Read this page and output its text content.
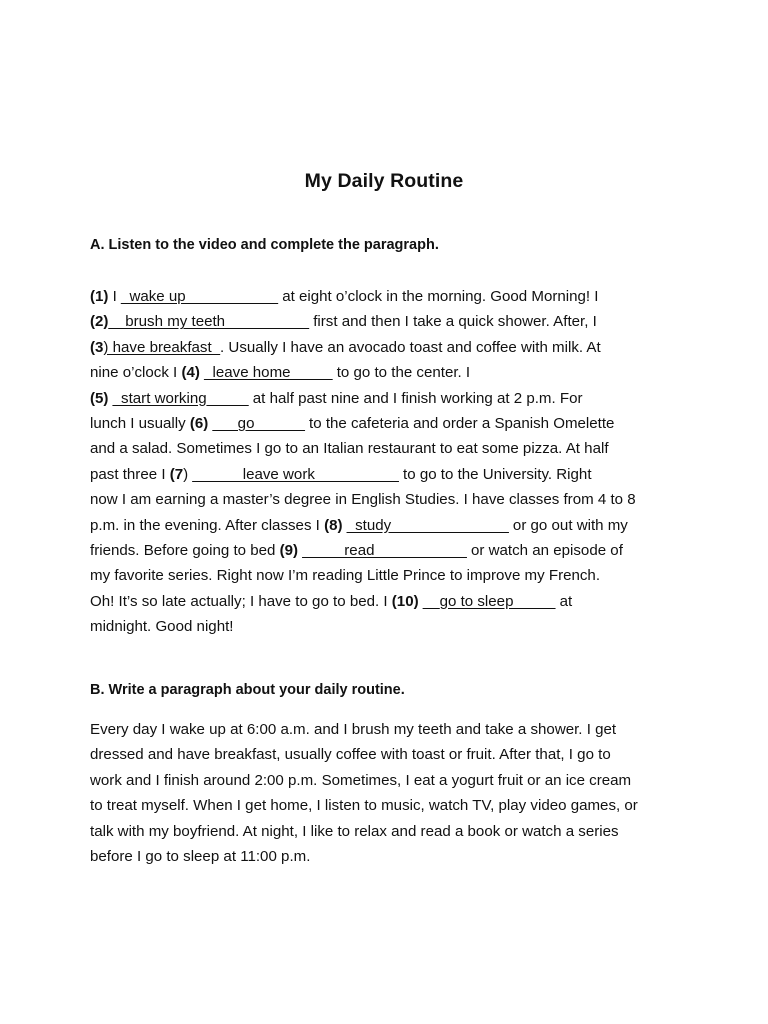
My Daily Routine
A. Listen to the video and complete the paragraph.
(1) I _wake up___________ at eight o’clock in the morning. Good Morning! I
(2)__brush my teeth__________ first and then I take a quick shower. After, I
(3) have breakfast_. Usually I have an avocado toast and coffee with milk. At
nine o’clock I (4) _leave home_____ to go to the center. I
(5) _start working_____ at half past nine and I finish working at 2 p.m. For
lunch I usually (6) ___go______ to the cafeteria and order a Spanish Omelette
and a salad. Sometimes I go to an Italian restaurant to eat some pizza. At half
past three I (7) ______leave work__________ to go to the University. Right
now I am earning a master’s degree in English Studies. I have classes from 4 to 8
p.m. in the evening. After classes I (8) _study______________ or go out with my
friends. Before going to bed (9) _____read___________ or watch an episode of
my favorite series. Right now I’m reading Little Prince to improve my French.
Oh! It’s so late actually; I have to go to bed. I (10) __go to sleep_____ at
midnight. Good night!
B. Write a paragraph about your daily routine.
Every day I wake up at 6:00 a.m. and I brush my teeth and take a shower. I get
dressed and have breakfast, usually coffee with toast or fruit. After that, I go to
work and I finish around 2:00 p.m. Sometimes, I eat a yogurt fruit or an ice cream
to treat myself. When I get home, I listen to music, watch TV, play video games, or
talk with my boyfriend. At night, I like to relax and read a book or watch a series
before I go to sleep at 11:00 p.m.
